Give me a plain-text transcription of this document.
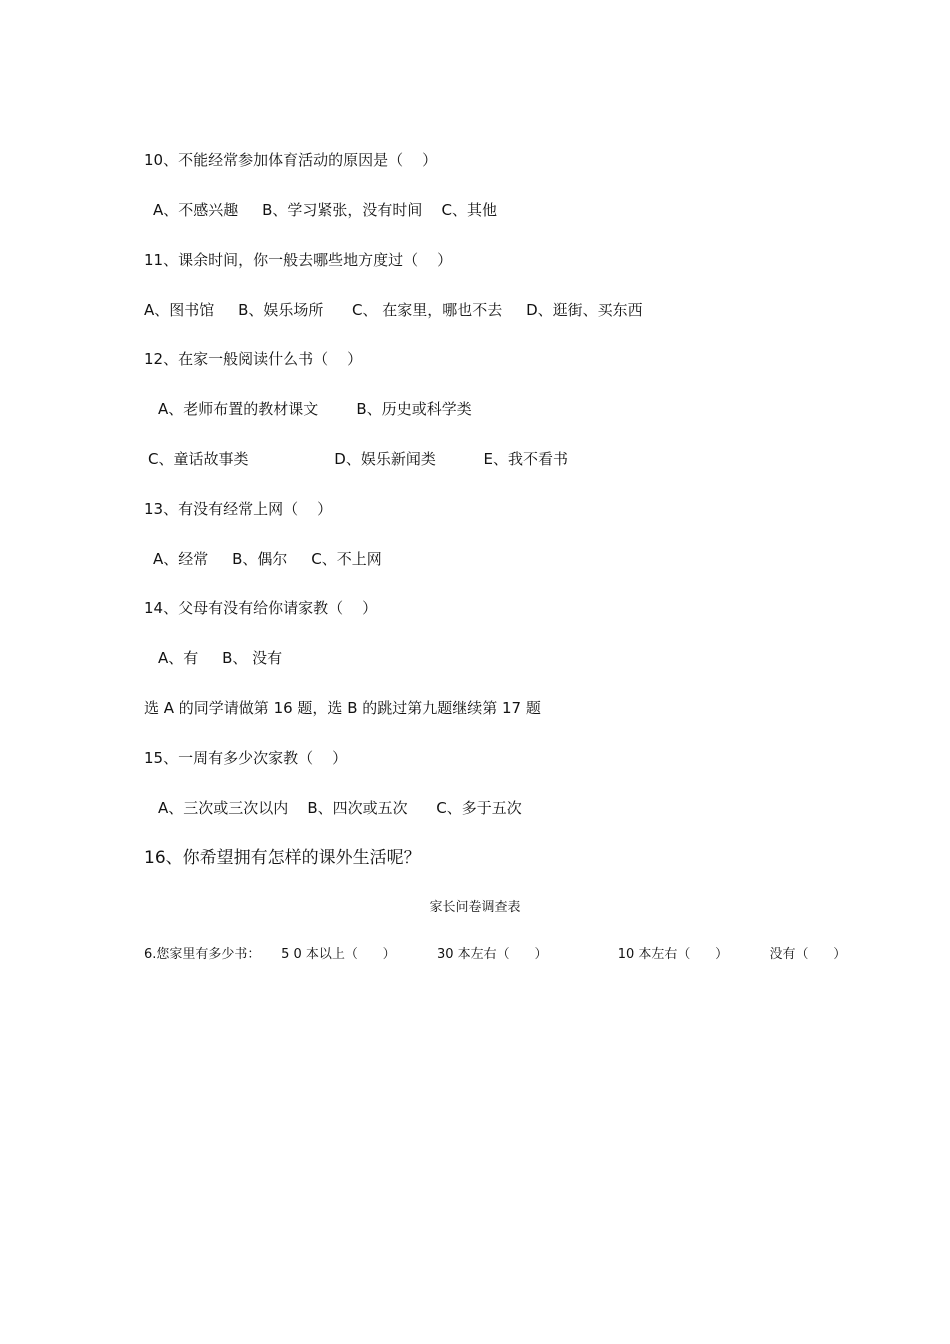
10、不能经常参加体育活动的原因是（    ）

A、不感兴趣     B、学习紧张，没有时间    C、其他

11、课余时间，你一般去哪些地方度过（    ）

A、图书馆     B、娱乐场所      C、 在家里，哪也不去     D、逛街、买东西

12、在家一般阅读什么书（    ）

A、老师布置的教材课文        B、历史或科学类

C、童话故事类                  D、娱乐新闻类          E、我不看书

13、有没有经常上网（    ）

A、经常     B、偶尔     C、不上网

14、父母有没有给你请家教（    ）

A、有     B、 没有

选 A 的同学请做第 16 题，选 B 的跳过第九题继续第 17 题

15、一周有多少次家教（    ）

A、三次或三次以内    B、四次或五次      C、多于五次

16、你希望拥有怎样的课外生活呢？

家长问卷调查表

6.您家里有多少书：     5 0 本以上（      ）          30 本左右（      ）                 10 本左右（      ）          没有（      ）
